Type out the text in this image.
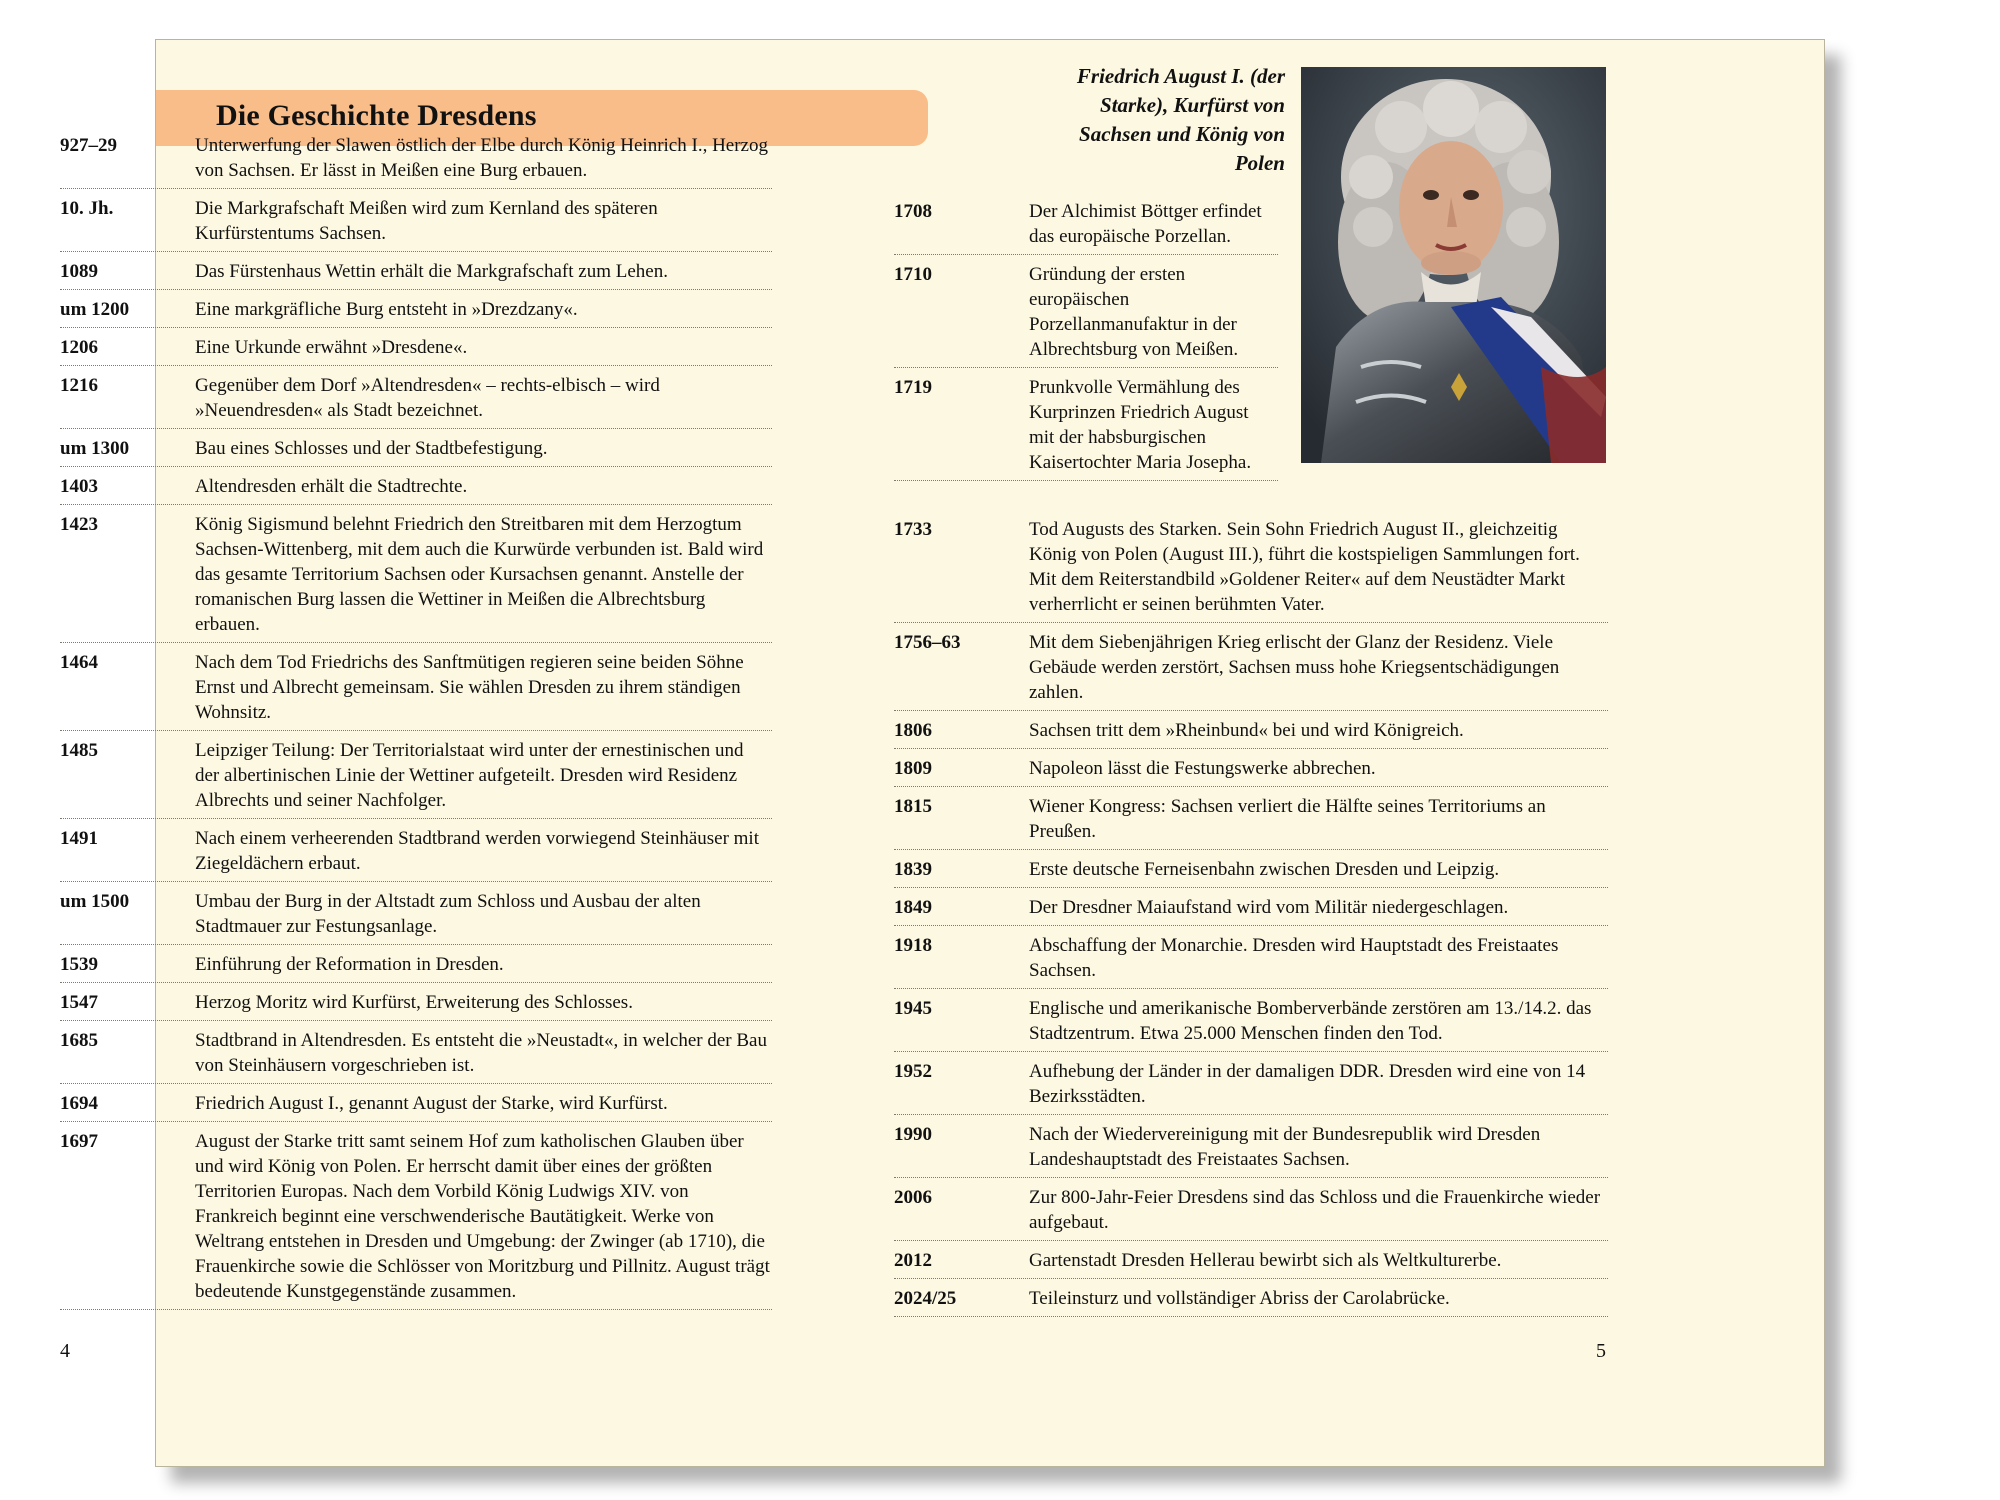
Die Geschichte Dresdens
927–29	Unterwerfung der Slawen östlich der Elbe durch König Heinrich I., Herzog von Sachsen. Er lässt in Meißen eine Burg erbauen.
10. Jh.	Die Markgrafschaft Meißen wird zum Kernland des späteren Kurfürstentums Sachsen.
1089	Das Fürstenhaus Wettin erhält die Markgrafschaft zum Lehen.
um 1200	Eine markgräfliche Burg entsteht in »Drezdzany«.
1206	Eine Urkunde erwähnt »Dresdene«.
1216	Gegenüber dem Dorf »Altendresden« – rechts-elbisch – wird »Neuendresden« als Stadt bezeichnet.
um 1300	Bau eines Schlosses und der Stadtbefestigung.
1403	Altendresden erhält die Stadtrechte.
1423	König Sigismund belehnt Friedrich den Streitbaren mit dem Herzogtum Sachsen-Wittenberg, mit dem auch die Kurwürde verbunden ist. Bald wird das gesamte Territorium Sachsen oder Kursachsen genannt. Anstelle der romanischen Burg lassen die Wettiner in Meißen die Albrechtsburg erbauen.
1464	Nach dem Tod Friedrichs des Sanftmütigen regieren seine beiden Söhne Ernst und Albrecht gemeinsam. Sie wählen Dresden zu ihrem ständigen Wohnsitz.
1485	Leipziger Teilung: Der Territorialstaat wird unter der ernestinischen und der albertinischen Linie der Wettiner aufgeteilt. Dresden wird Residenz Albrechts und seiner Nachfolger.
1491	Nach einem verheerenden Stadtbrand werden vorwiegend Steinhäuser mit Ziegeldächern erbaut.
um 1500	Umbau der Burg in der Altstadt zum Schloss und Ausbau der alten Stadtmauer zur Festungsanlage.
1539	Einführung der Reformation in Dresden.
1547	Herzog Moritz wird Kurfürst, Erweiterung des Schlosses.
1685	Stadtbrand in Altendresden. Es entsteht die »Neustadt«, in welcher der Bau von Steinhäusern vorgeschrieben ist.
1694	Friedrich August I., genannt August der Starke, wird Kurfürst.
1697	August der Starke tritt samt seinem Hof zum katholischen Glauben über und wird König von Polen. Er herrscht damit über eines der größten Territorien Europas. Nach dem Vorbild König Ludwigs XIV. von Frankreich beginnt eine verschwenderische Bautätigkeit. Werke von Weltrang entstehen in Dresden und Umgebung: der Zwinger (ab 1710), die Frauenkirche sowie die Schlösser von Moritzburg und Pillnitz. August trägt bedeutende Kunstgegenstände zusammen.
Friedrich August I. (der Starke), Kurfürst von Sachsen und König von Polen
1708	Der Alchimist Böttger erfindet das europäische Porzellan.
1710	Gründung der ersten europäischen Porzellanmanufaktur in der Albrechtsburg von Meißen.
1719	Prunkvolle Vermählung des Kurprinzen Friedrich August mit der habsburgischen Kaisertochter Maria Josepha.
1733	Tod Augusts des Starken. Sein Sohn Friedrich August II., gleichzeitig König von Polen (August III.), führt die kostspieligen Sammlungen fort. Mit dem Reiterstandbild »Goldener Reiter« auf dem Neustädter Markt verherrlicht er seinen berühmten Vater.
1756–63	Mit dem Siebenjährigen Krieg erlischt der Glanz der Residenz. Viele Gebäude werden zerstört, Sachsen muss hohe Kriegsentschädigungen zahlen.
1806	Sachsen tritt dem »Rheinbund« bei und wird Königreich.
1809	Napoleon lässt die Festungswerke abbrechen.
1815	Wiener Kongress: Sachsen verliert die Hälfte seines Territoriums an Preußen.
1839	Erste deutsche Ferneisenbahn zwischen Dresden und Leipzig.
1849	Der Dresdner Maiaufstand wird vom Militär niedergeschlagen.
1918	Abschaffung der Monarchie. Dresden wird Hauptstadt des Freistaates Sachsen.
1945	Englische und amerikanische Bomberverbände zerstören am 13./14.2. das Stadtzentrum. Etwa 25.000 Menschen finden den Tod.
1952	Aufhebung der Länder in der damaligen DDR. Dresden wird eine von 14 Bezirksstädten.
1990	Nach der Wiedervereinigung mit der Bundesrepublik wird Dresden Landeshauptstadt des Freistaates Sachsen.
2006	Zur 800-Jahr-Feier Dresdens sind das Schloss und die Frauenkirche wieder aufgebaut.
2012	Gartenstadt Dresden Hellerau bewirbt sich als Weltkulturerbe.
2024/25	Teileinsturz und vollständiger Abriss der Carolabrücke.
4	5
